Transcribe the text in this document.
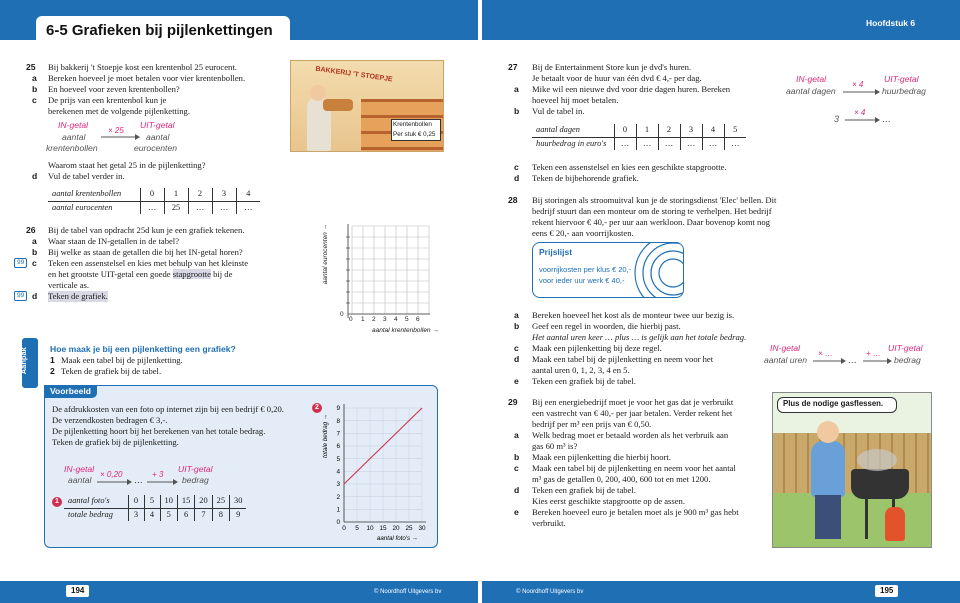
6-5 Grafieken bij pijlenkettingen	Hoofdstuk 6
194	© Noordhoff Uitgevers bv	© Noordhoff Uitgevers bv	195
25 Bij bakkerij 't Stoepje kost een krentenbol 25 eurocent.
a Bereken hoeveel je moet betalen voor vier krentenbollen.
b En hoeveel voor zeven krentenbollen?
c De prijs van een krentenbol kun je
berekenen met de volgende pijlenketting.
IN-getal	UIT-getal
aantal
krentenbollen
× 25
aantal
eurocenten
Waarom staat het getal 25 in de pijlenketting?
d Vul de tabel verder in.
aantal krentenbollen	0	1	2	3	4
aantal eurocenten	…	25	…	…	…
BAKKERIJ 'T STOEPJE
Krentenbollen
Per stuk € 0,25
26 Bij de tabel van opdracht 25d kun je een grafiek tekenen.
a Waar staan de IN-getallen in de tabel?
b Bij welke as staan de getallen die bij het IN-getal horen?
99 c Teken een assenstelsel en kies met behulp van het kleinste
en het grootste UIT-getal een goede stapgrootte bij de
verticale as.
99 d Teken de grafiek.
0
0 1 2 3 4 5 6
aantal krentenbollen →
aantal eurocenten →
Aanpak	Hoe maak je bij een pijlenketting een grafiek?
1 Maak een tabel bij de pijlenketting.
2 Teken de grafiek bij de tabel.
Voorbeeld
De afdrukkosten van een foto op internet zijn bij een bedrijf € 0,20.
De verzendkosten bedragen € 3,-.
De pijlenketting hoort bij het berekenen van het totale bedrag.
Teken de grafiek bij de pijlenketting.
IN-getal	UIT-getal
aantal
× 0,20
…
+ 3
bedrag
1	aantal foto's	0	5	10	15	20	25	30
totale bedrag	3	4	5	6	7	8	9
2
0
1
2
3
4
5
6
7
8
9
0 5 10 15 20 25 30
aantal foto's →
totale bedrag →
27 Bij de Entertainment Store kun je dvd's huren.
Je betaalt voor de huur van één dvd € 4,- per dag.
a Mike wil een nieuwe dvd voor drie dagen huren. Bereken
hoeveel hij moet betalen.
b Vul de tabel in.
IN-getal	UIT-getal
aantal dagen
× 4
huurbedrag
3
× 4
…
aantal dagen	0	1	2	3	4	5
huurbedrag in euro's	…	…	…	…	…	…
c Teken een assenstelsel en kies een geschikte stapgrootte.
d Teken de bijbehorende grafiek.
28 Bij storingen als stroomuitval kun je de storingsdienst 'Elec' bellen. Dit
bedrijf stuurt dan een monteur om de storing te verhelpen. Het bedrijf
rekent hiervoor € 40,- per uur aan werkloon. Daar bovenop komt nog
eens € 20,- aan voorrijkosten.
Prijslijst
voorrijkosten per klus € 20,-
voor ieder uur werk € 40,-
a Bereken hoeveel het kost als de monteur twee uur bezig is.
b Geef een regel in woorden, die hierbij past.
Het aantal uren keer … plus … is gelijk aan het totale bedrag.
c Maak een pijlenketting bij deze regel.
d Maak een tabel bij de pijlenketting en neem voor het
aantal uren 0, 1, 2, 3, 4 en 5.
e Teken een grafiek bij de tabel.
IN-getal	UIT-getal
aantal uren
× …
…
+ …
bedrag
29 Bij een energiebedrijf moet je voor het gas dat je verbruikt
een vastrecht van € 40,- per jaar betalen. Verder rekent het
bedrijf per m³ een prijs van € 0,50.
a Welk bedrag moet er betaald worden als het verbruik aan
gas 60 m³ is?
b Maak een pijlenketting die hierbij hoort.
c Maak een tabel bij de pijlenketting en neem voor het aantal
m³ gas de getallen 0, 200, 400, 600 tot en met 1200.
d Teken een grafiek bij de tabel.
Kies eerst geschikte stapgrootte op de assen.
e Bereken hoeveel euro je betalen moet als je 900 m³ gas hebt
verbruikt.
Plus de nodige gasflessen.
